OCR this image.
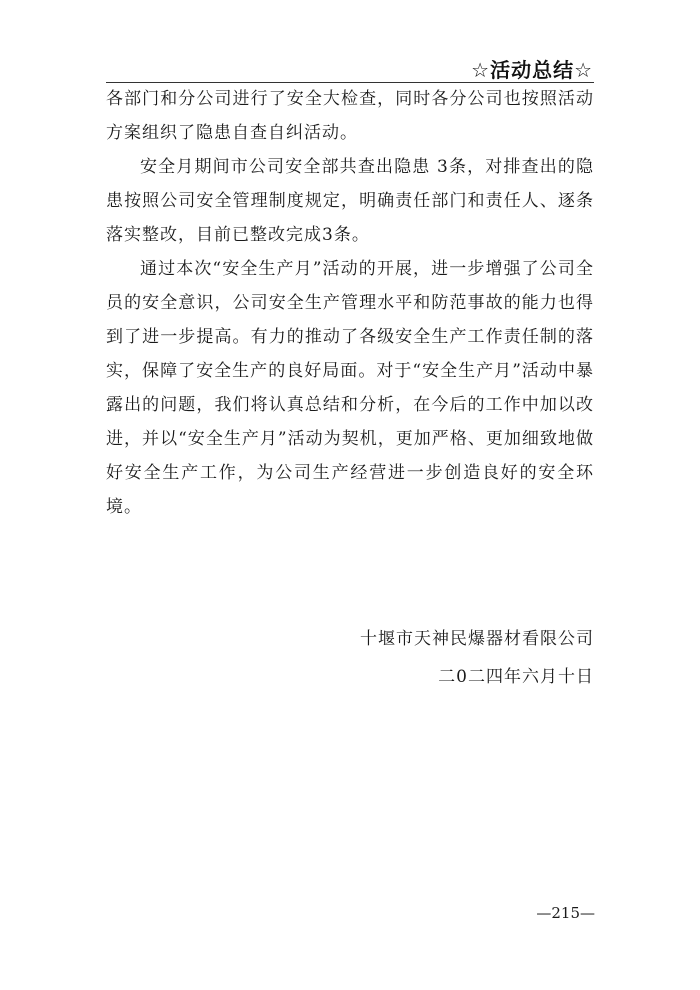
☆活动总结☆

各部门和分公司进行了安全大检查，同时各分公司也按照活动方案组织了隐患自查自纠活动。

安全月期间市公司安全部共查出隐患 3条，对排查出的隐患按照公司安全管理制度规定，明确责任部门和责任人、逐条落实整改，目前已整改完成3条。

通过本次“安全生产月”活动的开展，进一步增强了公司全员的安全意识，公司安全生产管理水平和防范事故的能力也得到了进一步提高。有力的推动了各级安全生产工作责任制的落实，保障了安全生产的良好局面。对于“安全生产月”活动中暴露出的问题，我们将认真总结和分析，在今后的工作中加以改进，并以“安全生产月”活动为契机，更加严格、更加细致地做好安全生产工作，为公司生产经营进一步创造良好的安全环境。

十堰市天神民爆器材看限公司
二0二四年六月十日
—215—
